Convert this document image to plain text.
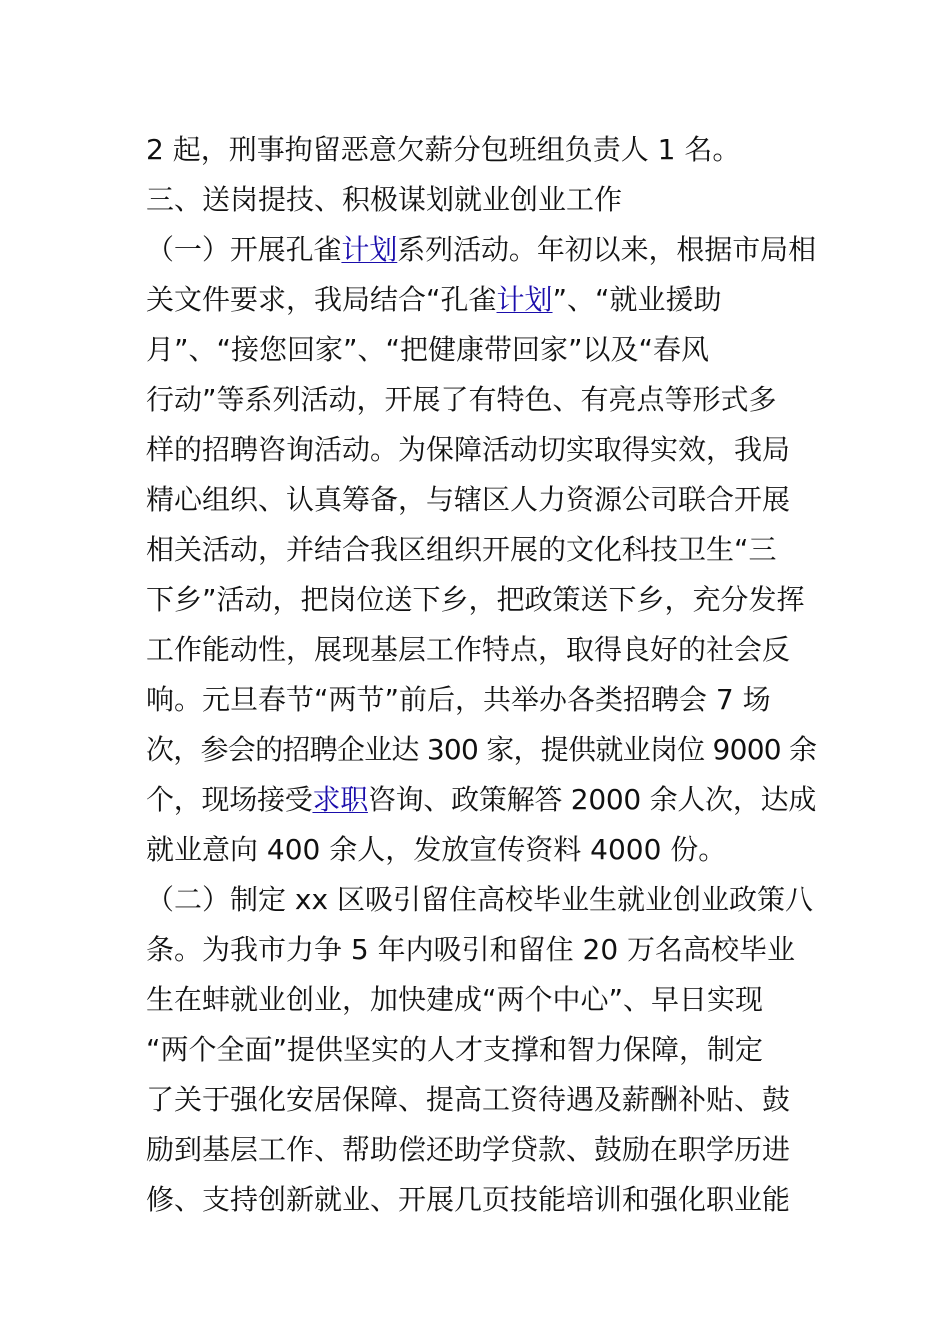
2 起，刑事拘留恶意欠薪分包班组负责人 1 名。
三、送岗提技、积极谋划就业创业工作
（一）开展孔雀计划系列活动。年初以来，根据市局相
关文件要求，我局结合“孔雀计划”、“就业援助
月”、“接您回家”、“把健康带回家”以及“春风
行动”等系列活动，开展了有特色、有亮点等形式多
样的招聘咨询活动。为保障活动切实取得实效，我局
精心组织、认真筹备，与辖区人力资源公司联合开展
相关活动，并结合我区组织开展的文化科技卫生“三
下乡”活动，把岗位送下乡，把政策送下乡，充分发挥
工作能动性，展现基层工作特点，取得良好的社会反
响。元旦春节“两节”前后，共举办各类招聘会 7 场
次，参会的招聘企业达 300 家，提供就业岗位 9000 余
个，现场接受求职咨询、政策解答 2000 余人次，达成
就业意向 400 余人，发放宣传资料 4000 份。
（二）制定 xx 区吸引留住高校毕业生就业创业政策八
条。为我市力争 5 年内吸引和留住 20 万名高校毕业
生在蚌就业创业，加快建成“两个中心”、早日实现
“两个全面”提供坚实的人才支撑和智力保障，制定
了关于强化安居保障、提高工资待遇及薪酬补贴、鼓
励到基层工作、帮助偿还助学贷款、鼓励在职学历进
修、支持创新就业、开展几页技能培训和强化职业能
